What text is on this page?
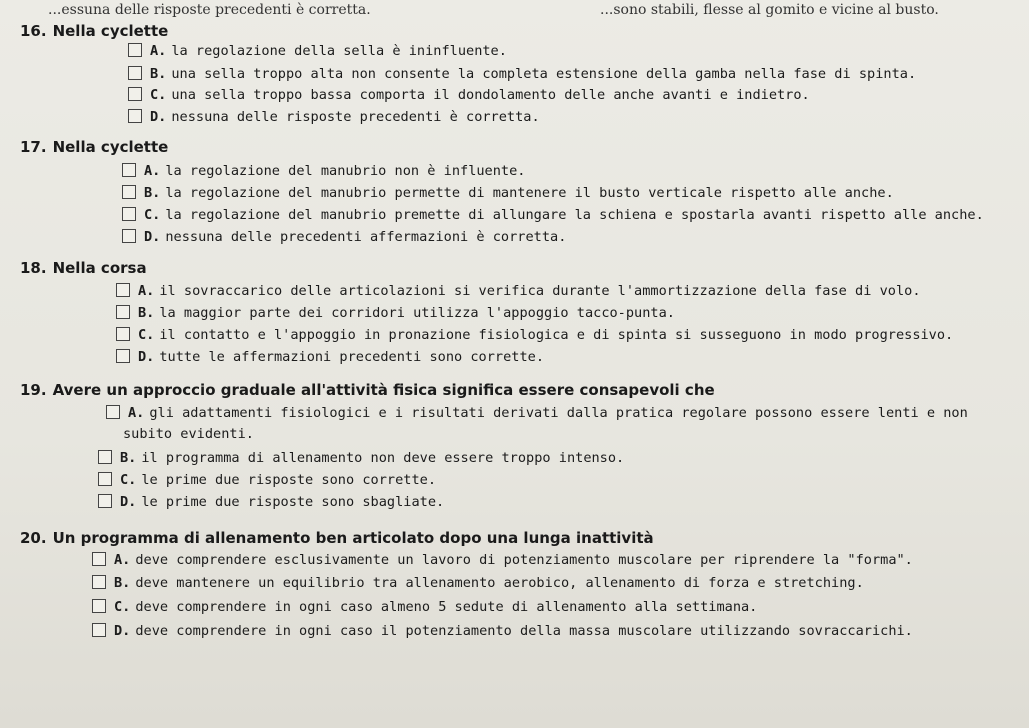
...essuna delle risposte precedenti è corretta.	...sono stabili, flesse al gomito e vicine al busto.
16. Nella cyclette
A. la regolazione della sella è ininfluente.
B. una sella troppo alta non consente la completa estensione della gamba nella fase di spinta.
C. una sella troppo bassa comporta il dondolamento delle anche avanti e indietro.
D. nessuna delle risposte precedenti è corretta.
17. Nella cyclette
A. la regolazione del manubrio non è influente.
B. la regolazione del manubrio permette di mantenere il busto verticale rispetto alle anche.
C. la regolazione del manubrio premette di allungare la schiena e spostarla avanti rispetto alle anche.
D. nessuna delle precedenti affermazioni è corretta.
18. Nella corsa
A. il sovraccarico delle articolazioni si verifica durante l'ammortizzazione della fase di volo.
B. la maggior parte dei corridori utilizza l'appoggio tacco-punta.
C. il contatto e l'appoggio in pronazione fisiologica e di spinta si susseguono in modo progressivo.
D. tutte le affermazioni precedenti sono corrette.
19. Avere un approccio graduale all'attività fisica significa essere consapevoli che
A. gli adattamenti fisiologici e i risultati derivati dalla pratica regolare possono essere lenti e non
subito evidenti.
B. il programma di allenamento non deve essere troppo intenso.
C. le prime due risposte sono corrette.
D. le prime due risposte sono sbagliate.
20. Un programma di allenamento ben articolato dopo una lunga inattività
A. deve comprendere esclusivamente un lavoro di potenziamento muscolare per riprendere la "forma".
B. deve mantenere un equilibrio tra allenamento aerobico, allenamento di forza e stretching.
C. deve comprendere in ogni caso almeno 5 sedute di allenamento alla settimana.
D. deve comprendere in ogni caso il potenziamento della massa muscolare utilizzando sovraccarichi.
